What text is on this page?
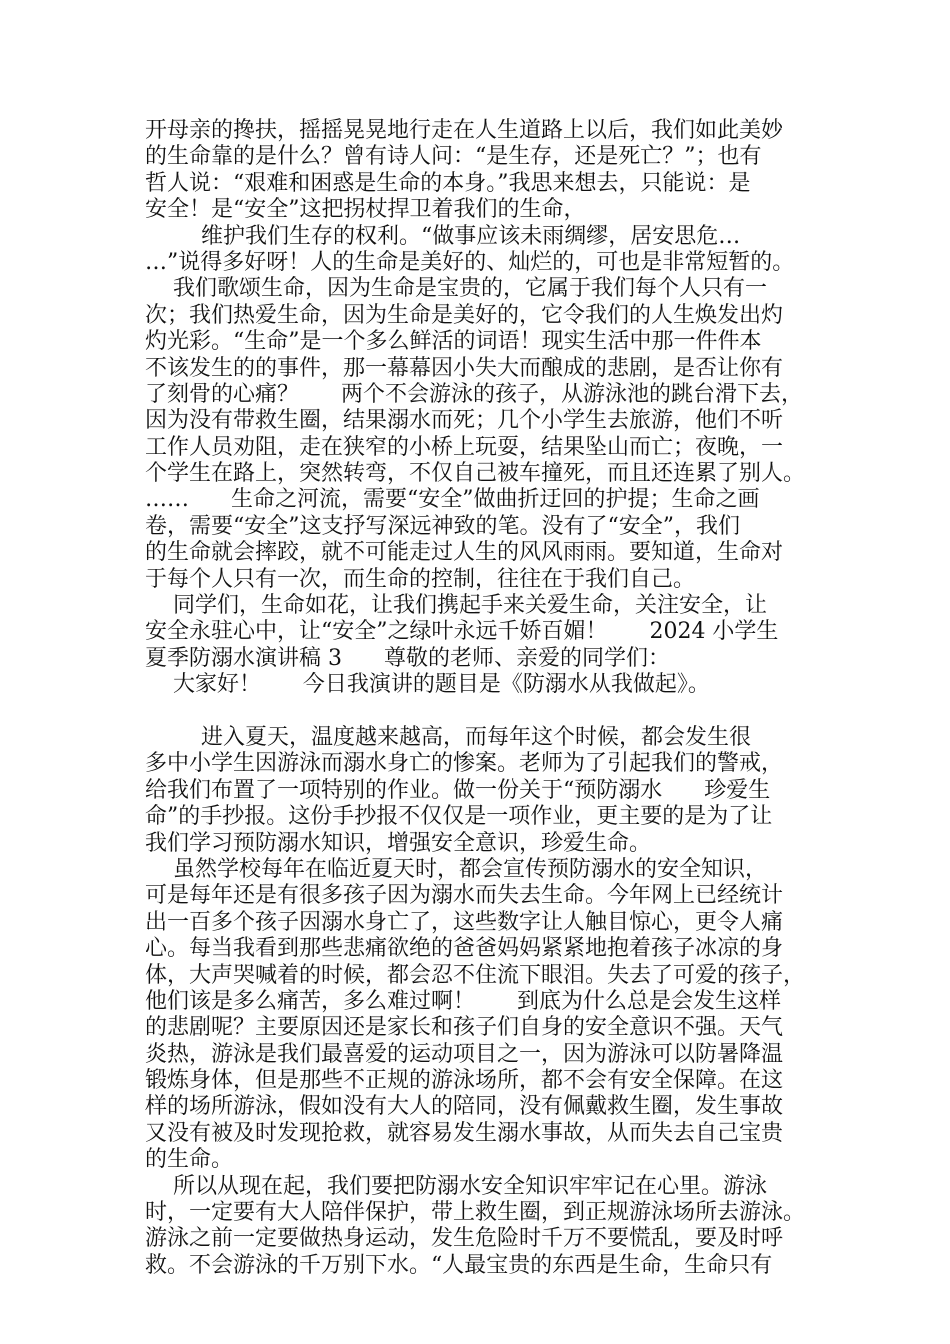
开母亲的搀扶，摇摇晃晃地行走在人生道路上以后，我们如此美妙
的生命靠的是什么？曾有诗人问：“是生存，还是死亡？”；也有
哲人说：“艰难和困惑是生命的本身。”我思来想去，只能说：是
安全！是“安全”这把拐杖捍卫着我们的生命，
维护我们生存的权利。“做事应该未雨绸缪，居安思危…
…”说得多好呀！人的生命是美好的、灿烂的，可也是非常短暂的。
我们歌颂生命，因为生命是宝贵的，它属于我们每个人只有一
次；我们热爱生命，因为生命是美好的，它令我们的人生焕发出灼
灼光彩。“生命”是一个多么鲜活的词语！现实生活中那一件件本
不该发生的的事件，那一幕幕因小失大而酿成的悲剧，是否让你有
了刻骨的心痛？      两个不会游泳的孩子，从游泳池的跳台滑下去，
因为没有带救生圈，结果溺水而死；几个小学生去旅游，他们不听
工作人员劝阻，走在狭窄的小桥上玩耍，结果坠山而亡；夜晚，一
个学生在路上，突然转弯，不仅自己被车撞死，而且还连累了别人。
……      生命之河流，需要“安全”做曲折迂回的护提；生命之画
卷，需要“安全”这支抒写深远神致的笔。没有了“安全”，我们
的生命就会摔跤，就不可能走过人生的风风雨雨。要知道，生命对
于每个人只有一次，而生命的控制，往往在于我们自己。
同学们，生命如花，让我们携起手来关爱生命，关注安全，让
安全永驻心中，让“安全”之绿叶永远千娇百媚！      2024 小学生
夏季防溺水演讲稿 3      尊敬的老师、亲爱的同学们：
大家好！      今日我演讲的题目是《防溺水从我做起》。
进入夏天，温度越来越高，而每年这个时候，都会发生很
多中小学生因游泳而溺水身亡的惨案。老师为了引起我们的警戒，
给我们布置了一项特别的作业。做一份关于“预防溺水      珍爱生
命”的手抄报。这份手抄报不仅仅是一项作业，更主要的是为了让
我们学习预防溺水知识，增强安全意识，珍爱生命。
虽然学校每年在临近夏天时，都会宣传预防溺水的安全知识，
可是每年还是有很多孩子因为溺水而失去生命。今年网上已经统计
出一百多个孩子因溺水身亡了，这些数字让人触目惊心，更令人痛
心。每当我看到那些悲痛欲绝的爸爸妈妈紧紧地抱着孩子冰凉的身
体，大声哭喊着的时候，都会忍不住流下眼泪。失去了可爱的孩子，
他们该是多么痛苦，多么难过啊！      到底为什么总是会发生这样
的悲剧呢？主要原因还是家长和孩子们自身的安全意识不强。天气
炎热，游泳是我们最喜爱的运动项目之一，因为游泳可以防暑降温
锻炼身体，但是那些不正规的游泳场所，都不会有安全保障。在这
样的场所游泳，假如没有大人的陪同，没有佩戴救生圈，发生事故
又没有被及时发现抢救，就容易发生溺水事故，从而失去自己宝贵
的生命。
所以从现在起，我们要把防溺水安全知识牢牢记在心里。游泳
时，一定要有大人陪伴保护，带上救生圈，到正规游泳场所去游泳。
游泳之前一定要做热身运动，发生危险时千万不要慌乱，要及时呼
救。不会游泳的千万别下水。“人最宝贵的东西是生命，生命只有
